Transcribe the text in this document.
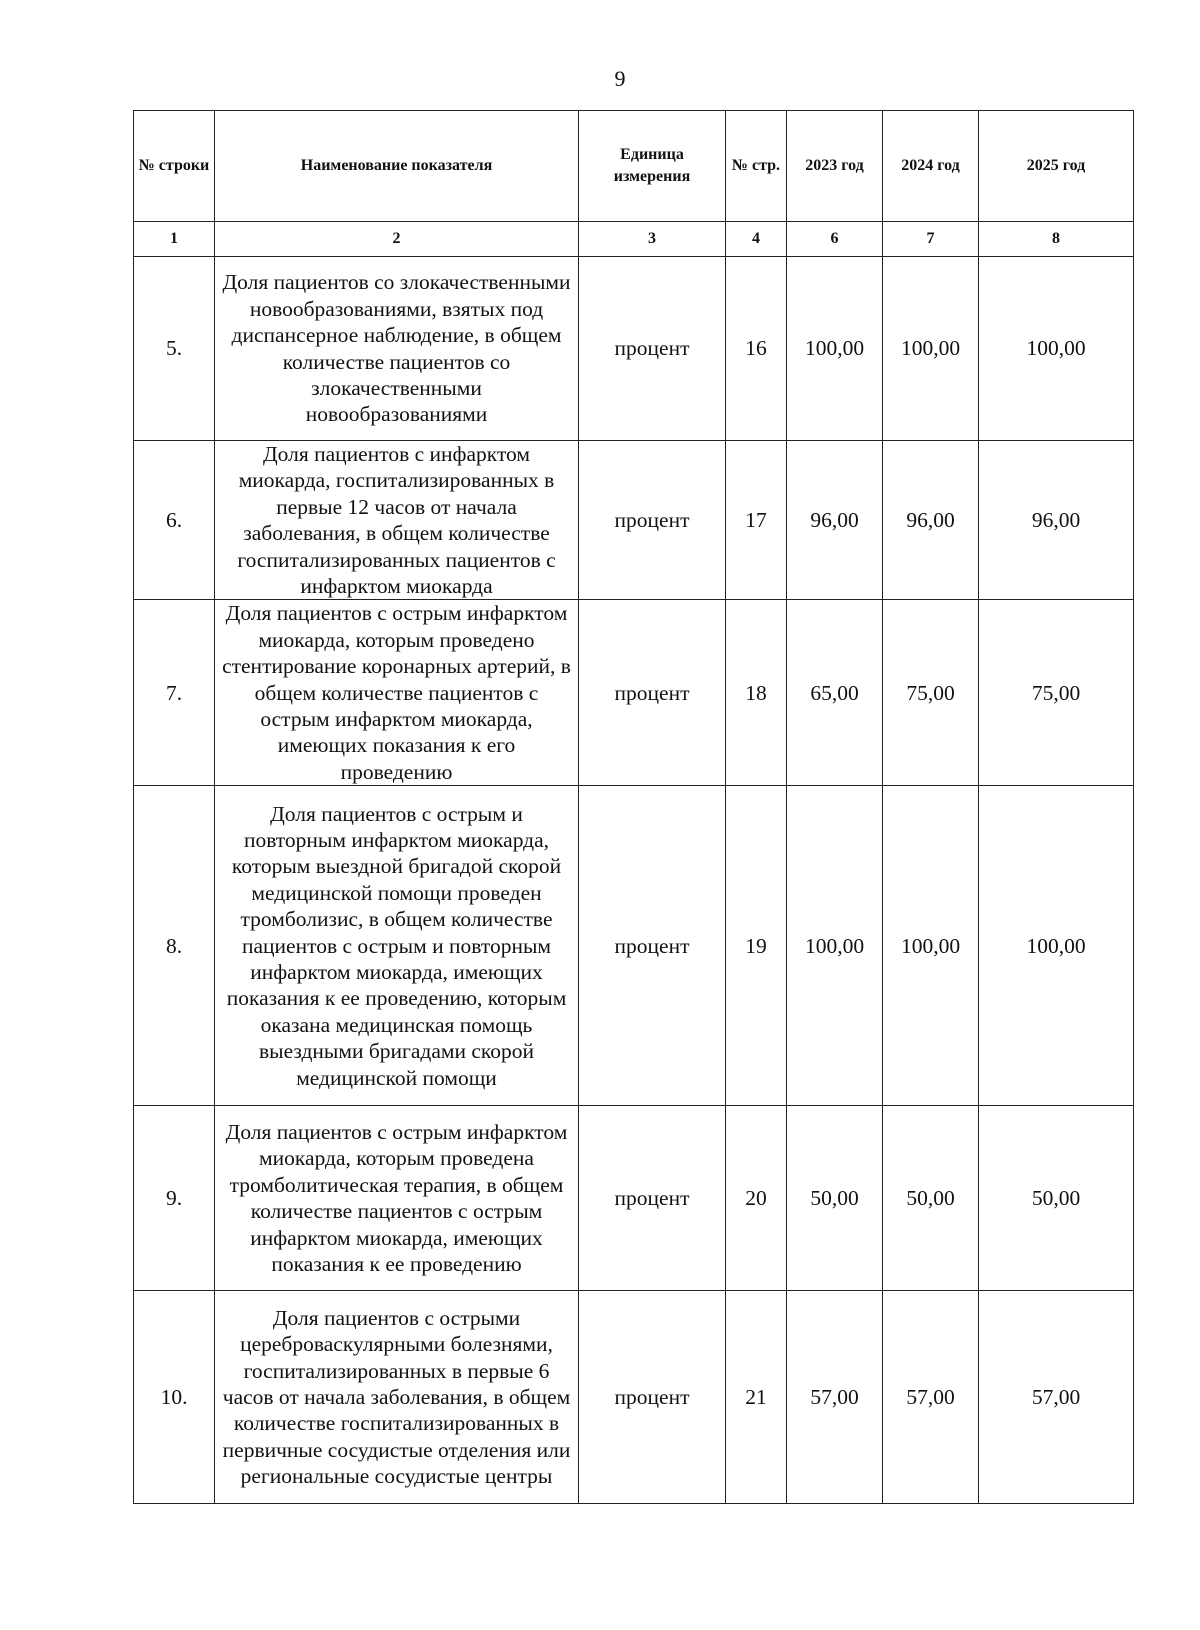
9
№ строки	Наименование показателя	Единица измерения	№ стр.	2023 год	2024 год	2025 год
1	2	3	4	6	7	8
5.	Доля пациентов со злокачественными новообразованиями, взятых под диспансерное наблюдение, в общем количестве пациентов со злокачественными новообразованиями	процент	16	100,00	100,00	100,00
6.	Доля пациентов с инфарктом миокарда, госпитализированных в первые 12 часов от начала заболевания, в общем количестве госпитализированных пациентов с инфарктом миокарда	процент	17	96,00	96,00	96,00
7.	Доля пациентов с острым инфарктом миокарда, которым проведено стентирование коронарных артерий, в общем количестве пациентов с острым инфарктом миокарда, имеющих показания к его проведению	процент	18	65,00	75,00	75,00
8.	Доля пациентов с острым и повторным инфарктом миокарда, которым выездной бригадой скорой медицинской помощи проведен тромболизис, в общем количестве пациентов с острым и повторным инфарктом миокарда, имеющих показания к ее проведению, которым оказана медицинская помощь выездными бригадами скорой медицинской помощи	процент	19	100,00	100,00	100,00
9.	Доля пациентов с острым инфарктом миокарда, которым проведена тромболитическая терапия, в общем количестве пациентов с острым инфарктом миокарда, имеющих показания к ее проведению	процент	20	50,00	50,00	50,00
10.	Доля пациентов с острыми цереброваскулярными болезнями, госпитализированных в первые 6 часов от начала заболевания, в общем количестве госпитализированных в первичные сосудистые отделения или региональные сосудистые центры	процент	21	57,00	57,00	57,00
